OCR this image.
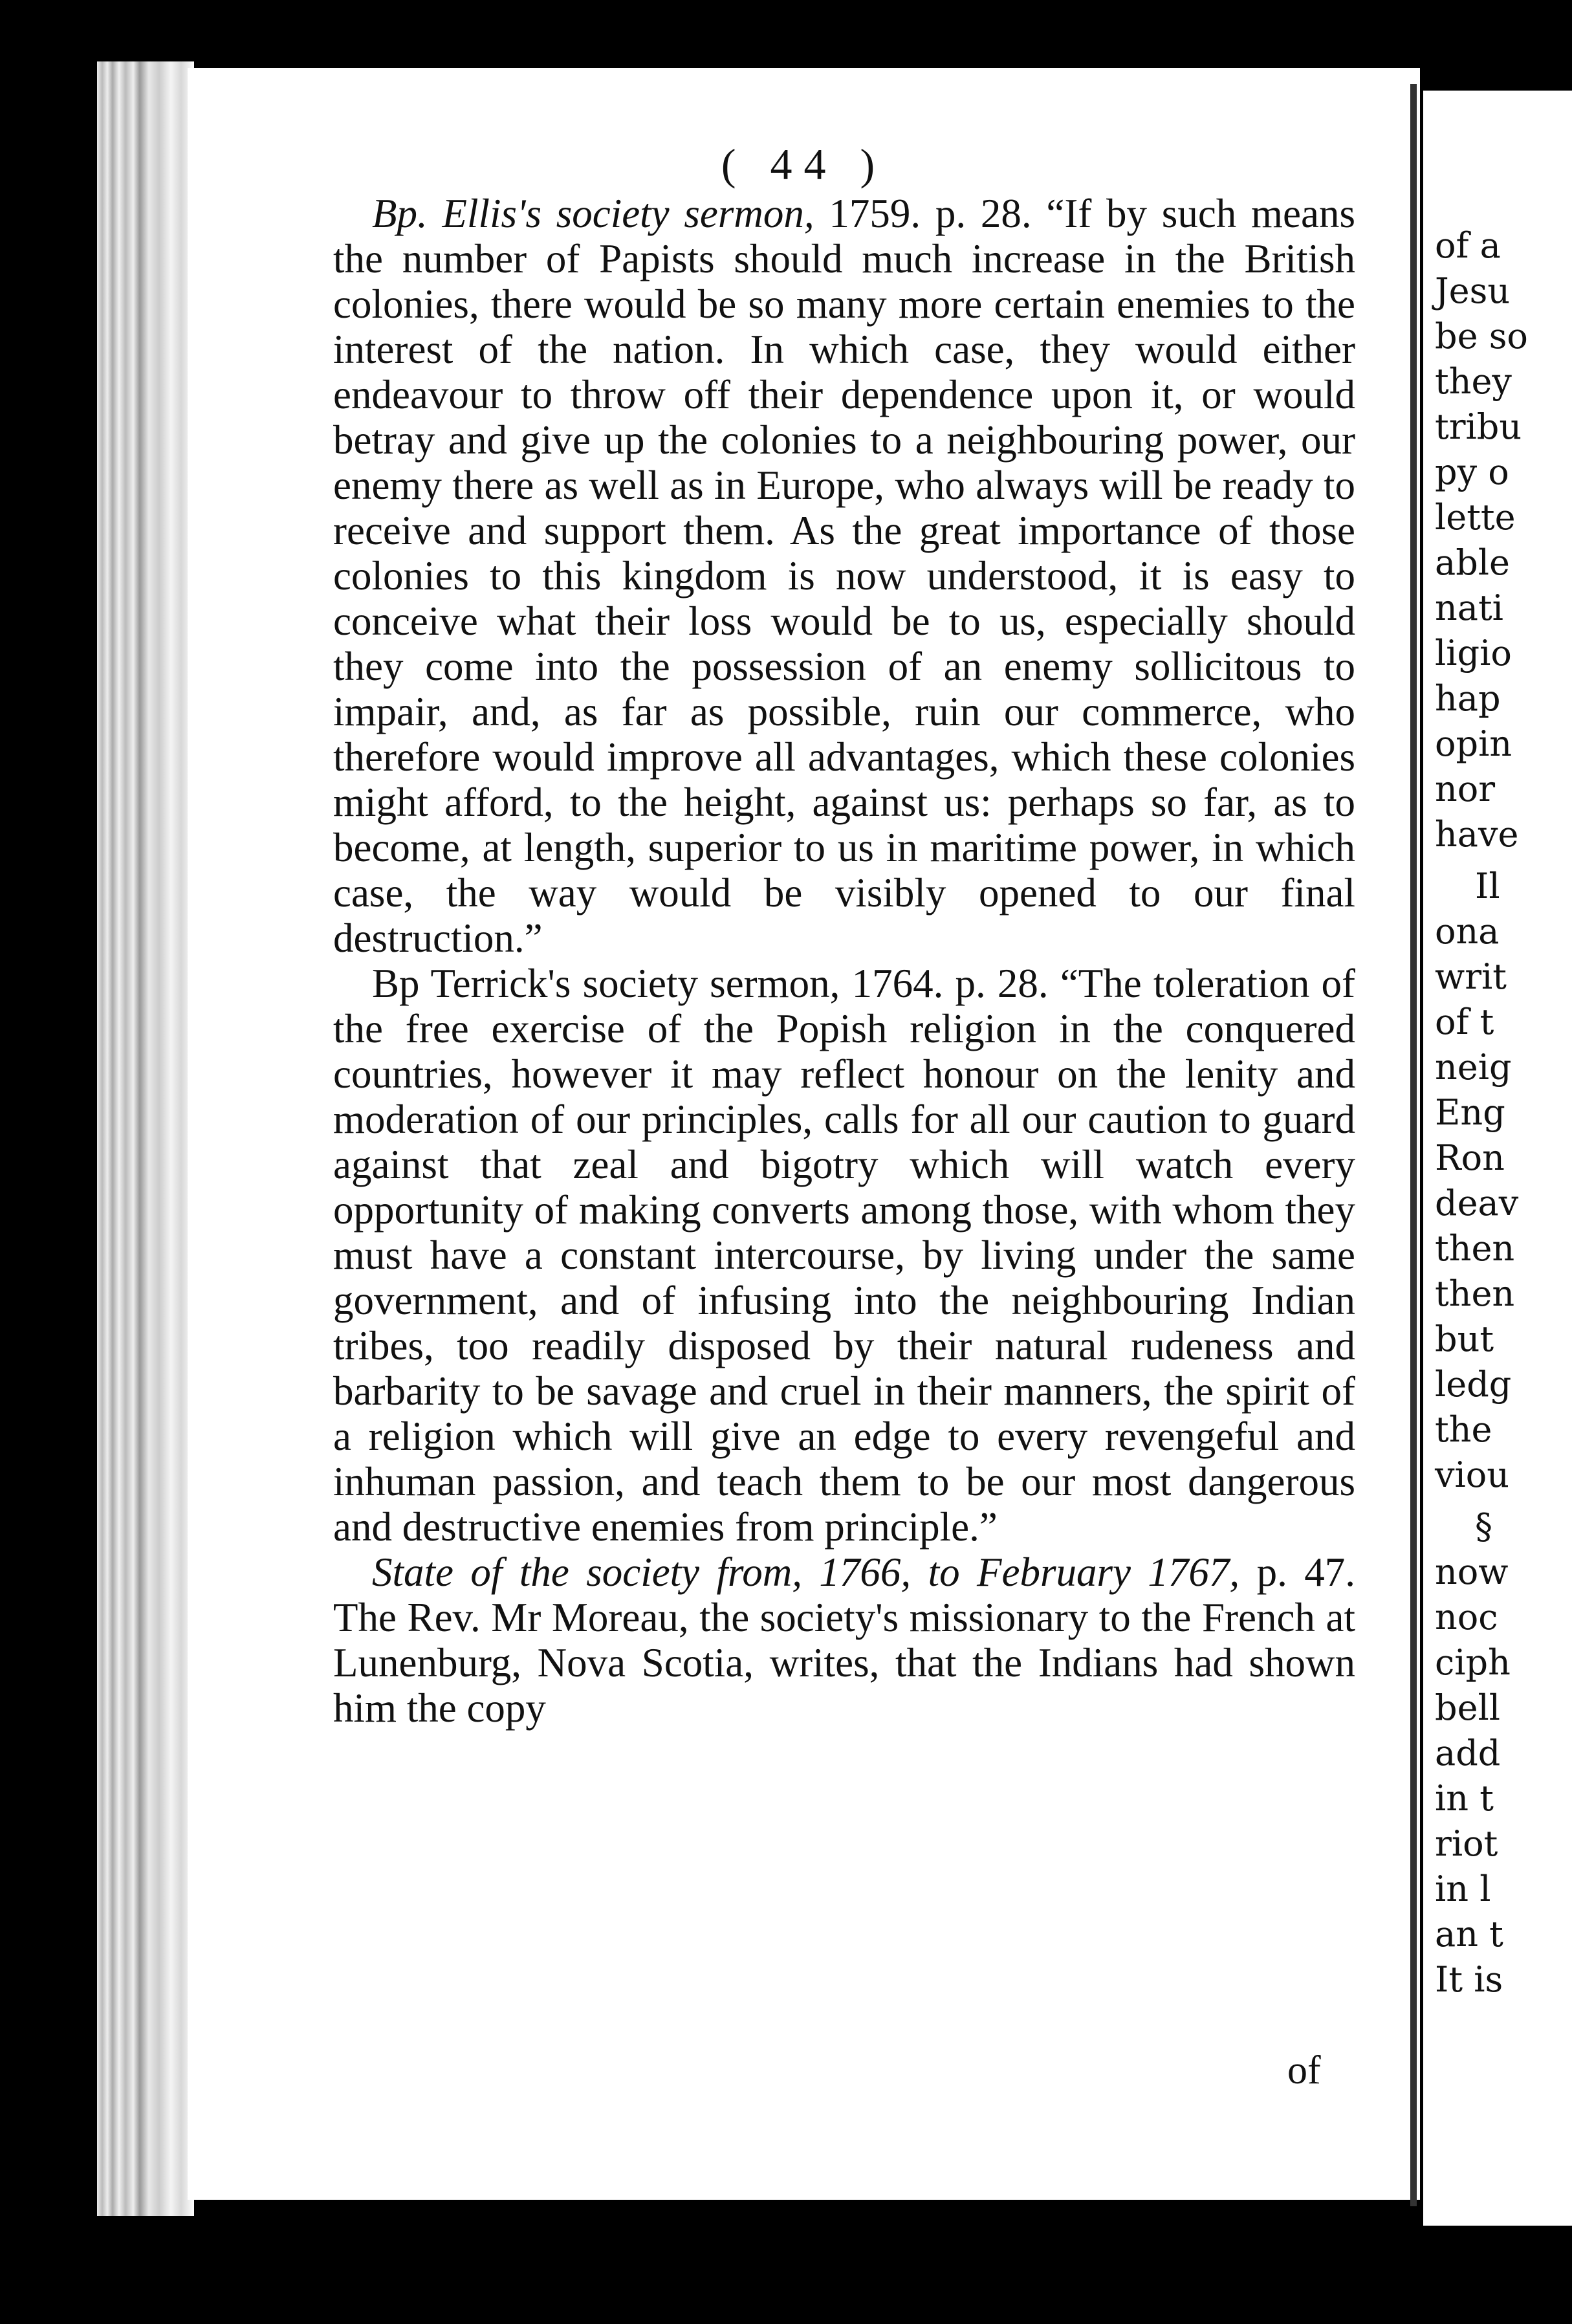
( 44 )

Bp. Ellis's society sermon, 1759. p. 28. “If by such means the number of Papists should much increase in the British colonies, there would be so many more certain enemies to the interest of the nation. In which case, they would either endeavour to throw off their dependence upon it, or would betray and give up the colonies to a neighbouring power, our enemy there as well as in Europe, who always will be ready to receive and support them. As the great importance of those colonies to this kingdom is now understood, it is easy to conceive what their loss would be to us, especially should they come into the possession of an enemy sollicitous to impair, and, as far as possible, ruin our commerce, who therefore would improve all advantages, which these colonies might afford, to the height, against us: perhaps so far, as to become, at length, superior to us in maritime power, in which case, the way would be visibly opened to our final destruction.”

Bp Terrick's society sermon, 1764. p. 28. “The toleration of the free exercise of the Popish religion in the conquered countries, however it may reflect honour on the lenity and moderation of our principles, calls for all our caution to guard against that zeal and bigotry which will watch every opportunity of making converts among those, with whom they must have a constant intercourse, by living under the same government, and of infusing into the neighbouring Indian tribes, too readily disposed by their natural rudeness and barbarity to be savage and cruel in their manners, the spirit of a religion which will give an edge to every revengeful and inhuman passion, and teach them to be our most dangerous and destructive enemies from principle.”

State of the society from, 1766, to February 1767, p. 47. The Rev. Mr Moreau, the society's missionary to the French at Lunenburg, Nova Scotia, writes, that the Indians had shown him the copy

of
of a
Jesu
be so
they
tribu
py o
lette
able
nati
ligio
hap
opin
nor
have
Il
ona
writ
of t
neig
Eng
Ron
deav
then
then
but
ledg
the
viou
§
now
noc
ciph
bell
add
in t
riot
in l
an t
It is
